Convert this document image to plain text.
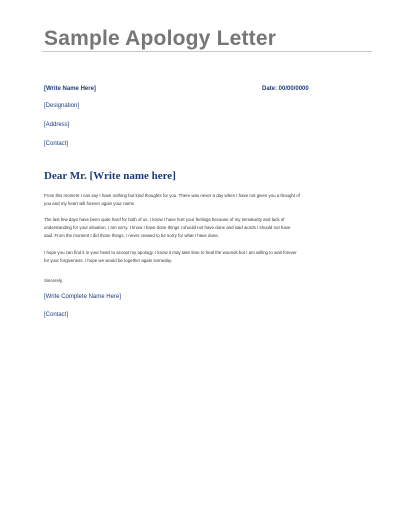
Sample Apology Letter
[Write Name Here]	Date: 00/00/0000
[Designation]
[Address]
[Contact]
Dear Mr. [Write name here]
From this moment I can say I have nothing but kind thoughts for you. There was never a day when I have not given you a thought of
you and my heart will forever again your name.
The last few days have been quite hard for both of us. I know I have hurt your feelings because of my immaturity and lack of
understanding for your situation. I am sorry. I know I have done things I should not have done and said words I should not have
said. From the moment I did those things, I never ceased to be sorry for what I have done.
I hope you can find it in your heart to accept my apology. I know it may take time to heal the wounds but I am willing to wait forever
for your forgiveness. I hope we would be together again someday.
Sincerely,
[Write Complete Name Here]
[Contact]
